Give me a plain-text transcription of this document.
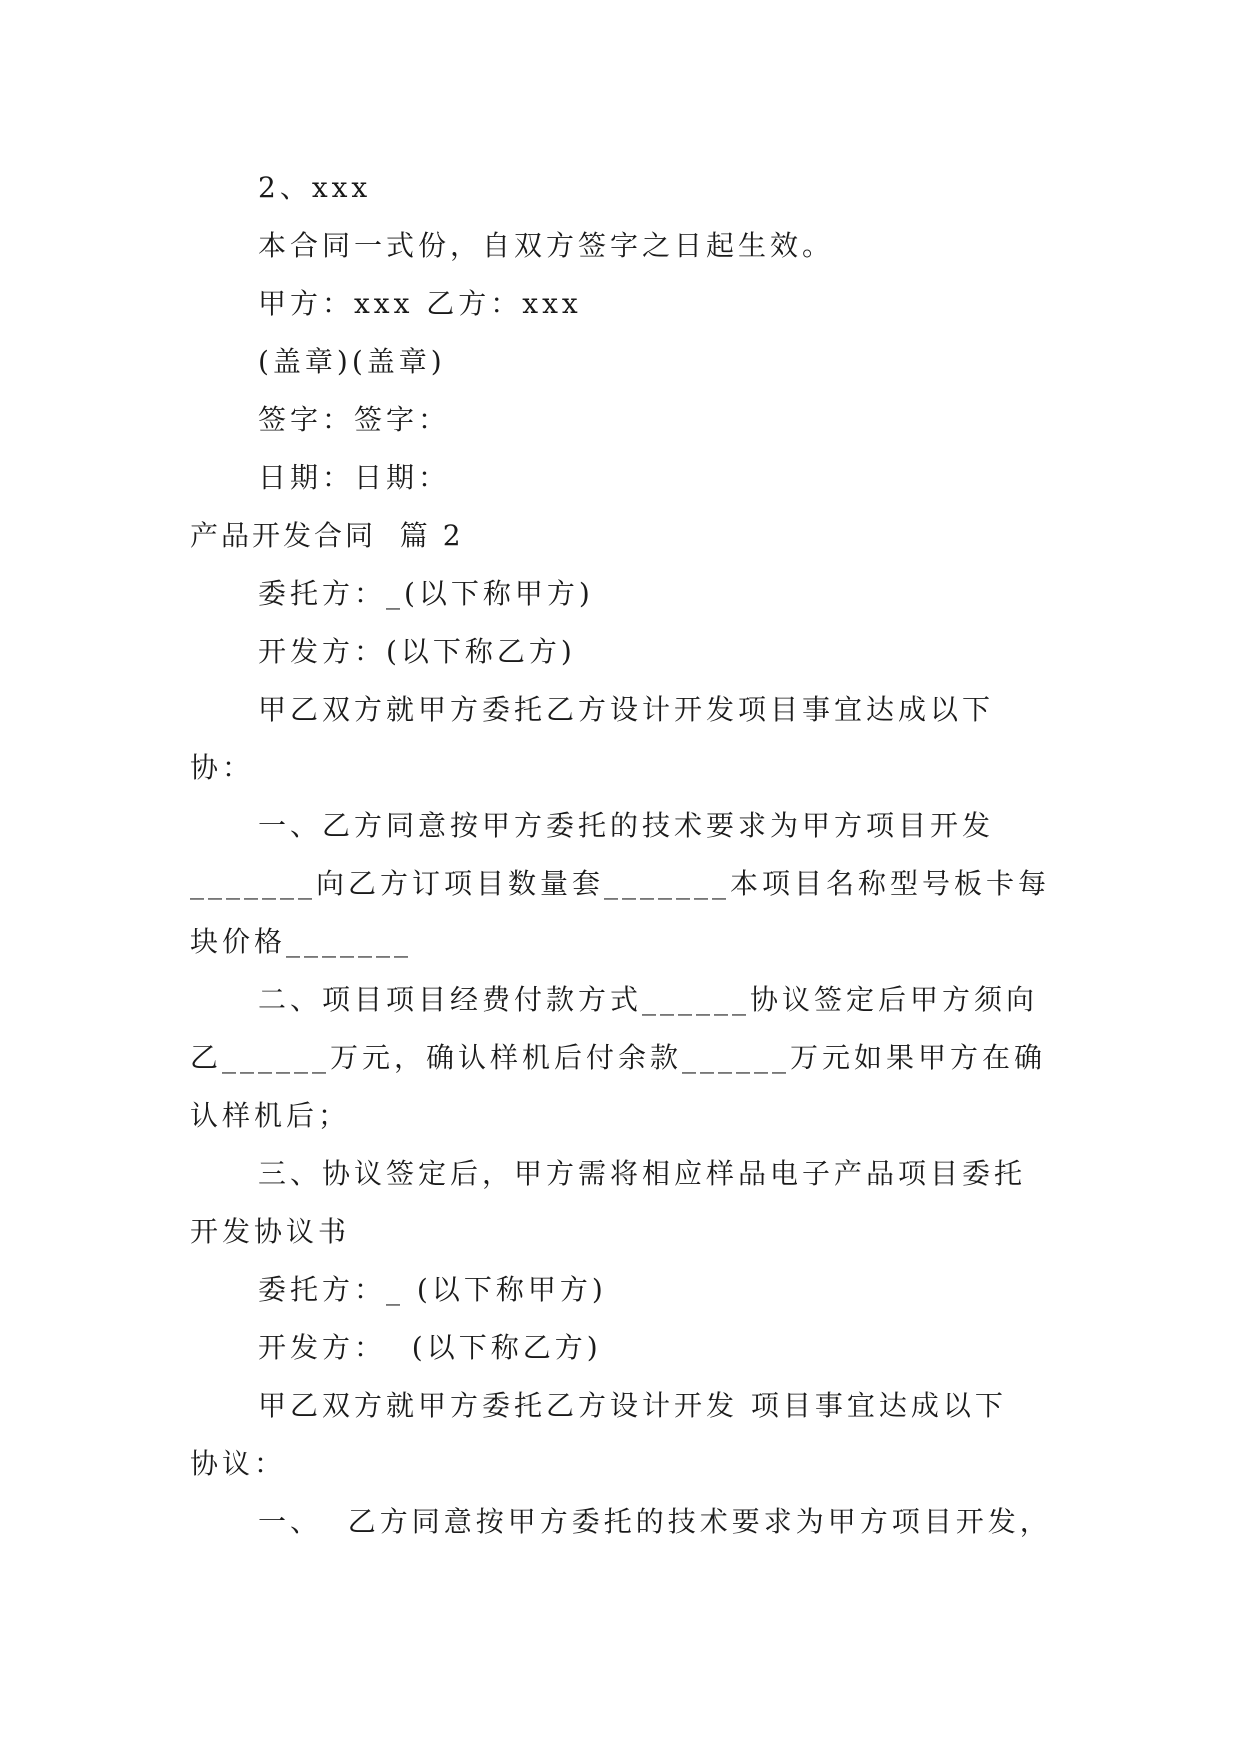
2、xxx
本合同一式份，自双方签字之日起生效。
甲方：xxx 乙方：xxx
(盖章)(盖章)
签字：签字：
日期：日期：
产品开发合同  篇 2
委托方：_(以下称甲方)
开发方：(以下称乙方)
甲乙双方就甲方委托乙方设计开发项目事宜达成以下
协：
一、乙方同意按甲方委托的技术要求为甲方项目开发
_______向乙方订项目数量套_______本项目名称型号板卡每
块价格_______
二、项目项目经费付款方式______协议签定后甲方须向
乙______万元，确认样机后付余款______万元如果甲方在确
认样机后；
三、协议签定后，甲方需将相应样品电子产品项目委托
开发协议书
委托方：_ (以下称甲方)
开发方：  (以下称乙方)
甲乙双方就甲方委托乙方设计开发 项目事宜达成以下
协议：
一、  乙方同意按甲方委托的技术要求为甲方项目开发，
